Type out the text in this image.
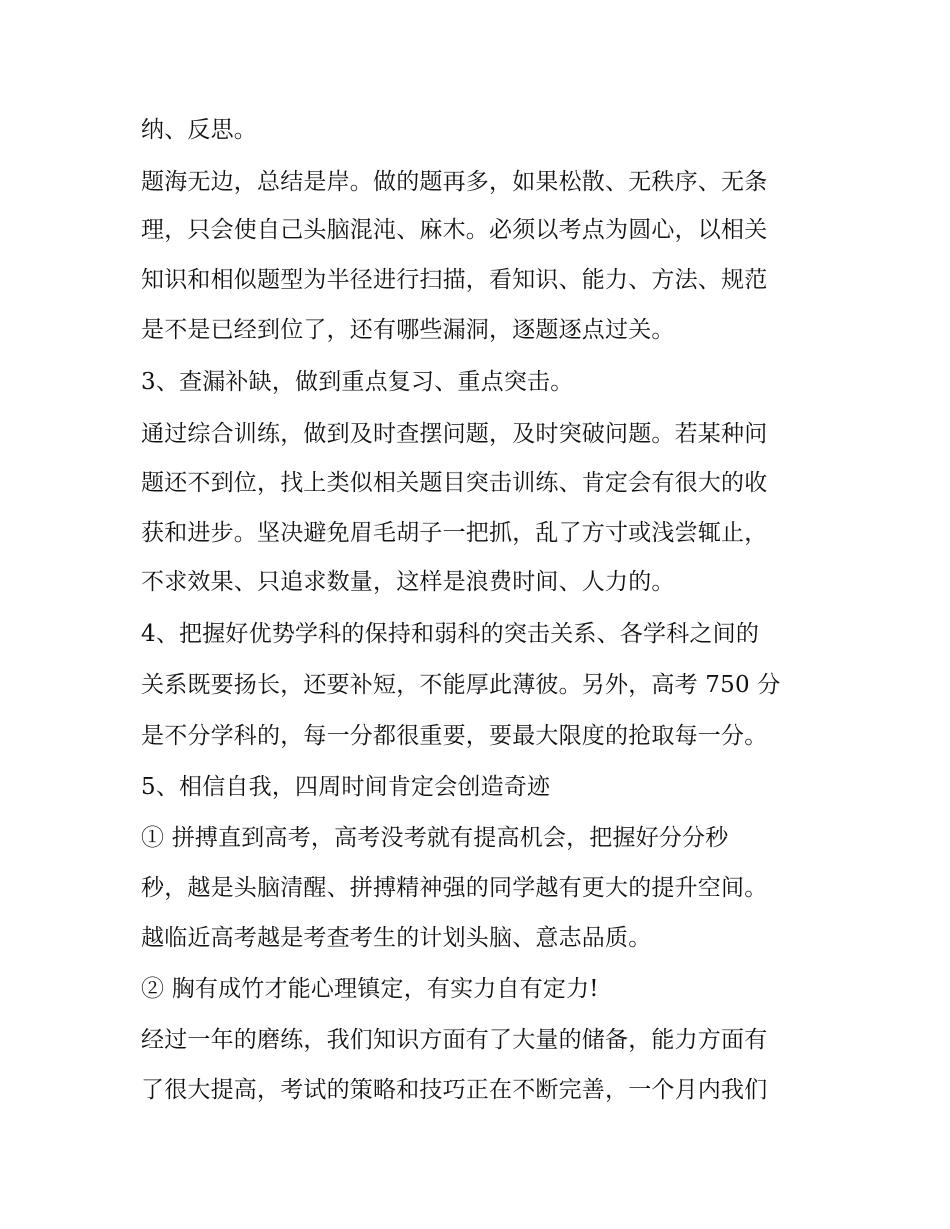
纳、反思。
题海无边，总结是岸。做的题再多，如果松散、无秩序、无条
理，只会使自己头脑混沌、麻木。必须以考点为圆心，以相关
知识和相似题型为半径进行扫描，看知识、能力、方法、规范
是不是已经到位了，还有哪些漏洞，逐题逐点过关。
3、查漏补缺，做到重点复习、重点突击。
通过综合训练，做到及时查摆问题，及时突破问题。若某种问
题还不到位，找上类似相关题目突击训练、肯定会有很大的收
获和进步。坚决避免眉毛胡子一把抓，乱了方寸或浅尝辄止，
不求效果、只追求数量，这样是浪费时间、人力的。
4、把握好优势学科的保持和弱科的突击关系、各学科之间的
关系既要扬长，还要补短，不能厚此薄彼。另外，高考 750 分
是不分学科的，每一分都很重要，要最大限度的抢取每一分。
5、相信自我，四周时间肯定会创造奇迹
① 拼搏直到高考，高考没考就有提高机会，把握好分分秒
秒，越是头脑清醒、拼搏精神强的同学越有更大的提升空间。
越临近高考越是考查考生的计划头脑、意志品质。
② 胸有成竹才能心理镇定，有实力自有定力!
经过一年的磨练，我们知识方面有了大量的储备，能力方面有
了很大提高，考试的策略和技巧正在不断完善，一个月内我们
